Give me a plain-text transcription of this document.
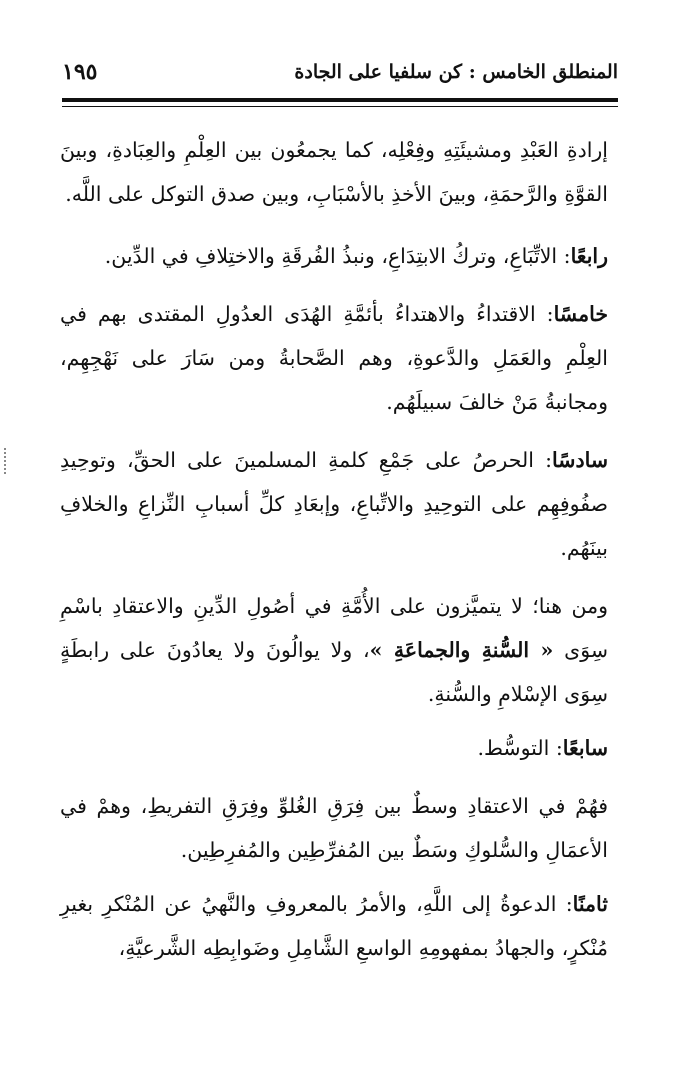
المنطلق الخامس : كن سلفيا على الجادة
١٩٥

إرادةِ العَبْدِ ومشيئَتِهِ وفِعْلِه، كما يجمعُون بين العِلْمِ والعِبَادةِ، وبينَ القوَّةِ والرَّحمَةِ، وبينَ الأخذِ بالأسْبَابِ، وبين صدق التوكل على اللَّه.

رابعًا: الاتِّبَاعِ، وتركُ الابتِدَاعِ، ونبذُ الفُرقَةِ والاختِلافِ في الدِّين.

خامسًا: الاقتداءُ والاهتداءُ بأئمَّةِ الهُدَى العدُولِ المقتدى بهم في العِلْمِ والعَمَلِ والدَّعوةِ، وهم الصَّحابةُ ومن سَارَ على نَهْجِهِم، ومجانبةُ مَنْ خالفَ سبيلَهُم.

سادسًا: الحرصُ على جَمْعِ كلمةِ المسلمينَ على الحقِّ، وتوحِيدِ صفُوفِهِم على التوحِيدِ والاتِّباعِ، وإبعَادِ كلِّ أسبابِ النِّزاعِ والخلافِ بينَهُم.

ومن هنا؛ لا يتميَّزون على الأُمَّةِ في أصُولِ الدِّينِ والاعتقادِ باسْمِ سِوَى « السُّنةِ والجماعَةِ »، ولا يوالُونَ ولا يعادُونَ على رابطَةٍ سِوَى الإسْلامِ والسُّنةِ.

سابعًا: التوسُّط.

فهُمْ في الاعتقادِ وسطٌ بين فِرَقِ الغُلوِّ وفِرَقِ التفريطِ، وهمْ في الأعمَالِ والسُّلوكِ وسَطٌ بين المُفرِّطِين والمُفرِطِين.

ثامنًا: الدعوةُ إلى اللَّهِ، والأمرُ بالمعروفِ والنَّهيُ عن المُنْكرِ بغيرِ مُنْكرٍ، والجهادُ بمفهومِهِ الواسعِ الشَّامِلِ وضَوابِطِه الشَّرعيَّةِ،
